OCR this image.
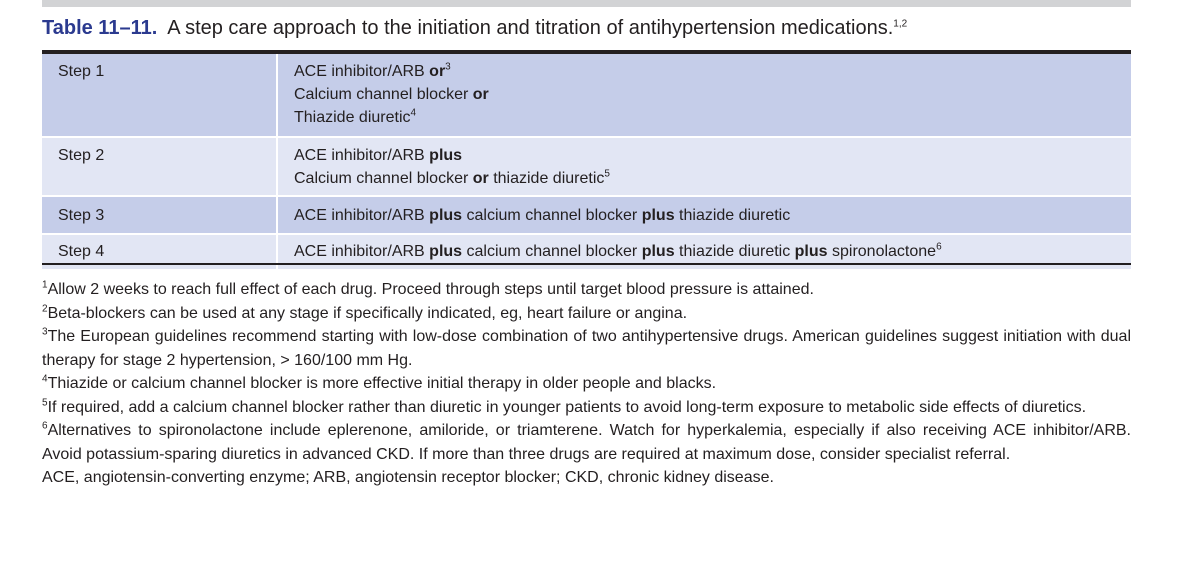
Table 11–11. A step care approach to the initiation and titration of antihypertension medications.$^{1,2}$
Step 1	ACE inhibitor/ARB $or^3$
Calcium channel blocker or
Thiazide diuretic$^4$
Step 2	ACE inhibitor/ARB plus
Calcium channel blocker or thiazide diuretic$^5$
Step 3	ACE inhibitor/ARB plus calcium channel blocker plus thiazide diuretic
Step 4	ACE inhibitor/ARB plus calcium channel blocker plus thiazide diuretic plus spironolactone$^6$

$^1$Allow 2 weeks to reach full effect of each drug. Proceed through steps until target blood pressure is attained.

$^2$Beta-blockers can be used at any stage if specifically indicated, eg, heart failure or angina.

$^3$The European guidelines recommend starting with low-dose combination of two antihypertensive drugs. American guidelines suggest initiation with dual therapy for stage 2 hypertension, > 160/100 mm Hg.

$^4$Thiazide or calcium channel blocker is more effective initial therapy in older people and blacks.

$^5$If required, add a calcium channel blocker rather than diuretic in younger patients to avoid long-term exposure to metabolic side effects of diuretics.

$^6$Alternatives to spironolactone include eplerenone, amiloride, or triamterene. Watch for hyperkalemia, especially if also receiving ACE inhibitor/ARB. Avoid potassium-sparing diuretics in advanced CKD. If more than three drugs are required at maximum dose, consider specialist referral.

ACE, angiotensin-converting enzyme; ARB, angiotensin receptor blocker; CKD, chronic kidney disease.
